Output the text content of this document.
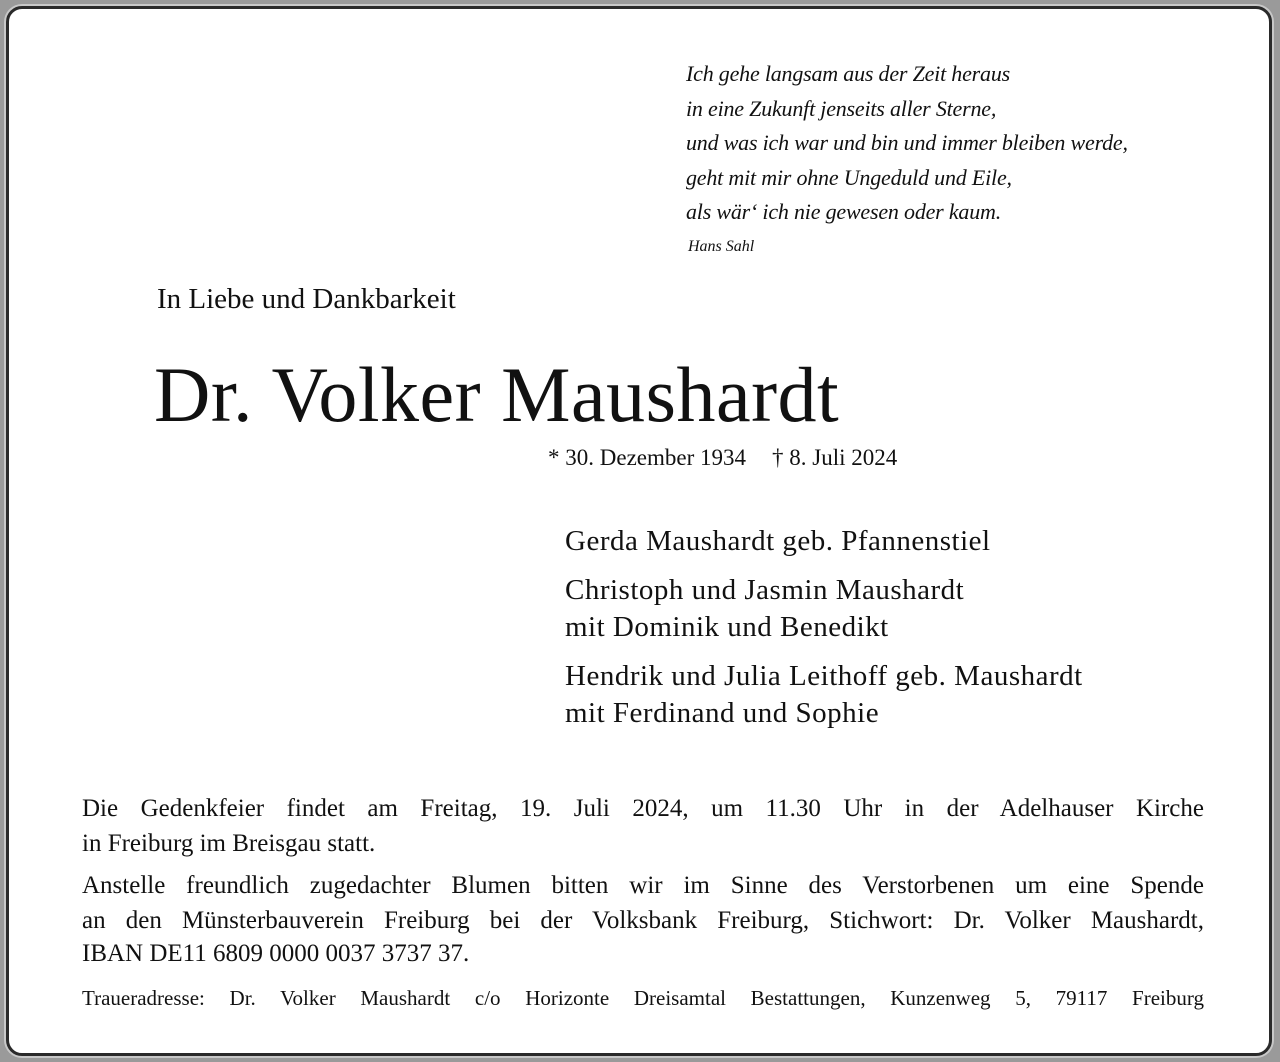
Ich gehe langsam aus der Zeit heraus
in eine Zukunft jenseits aller Sterne,
und was ich war und bin und immer bleiben werde,
geht mit mir ohne Ungeduld und Eile,
als wär‘ ich nie gewesen oder kaum.
Hans Sahl
In Liebe und Dankbarkeit
Dr. Volker Maushardt
* 30. Dezember 1934 † 8. Juli 2024
Gerda Maushardt geb. Pfannenstiel
Christoph und Jasmin Maushardt
mit Dominik und Benedikt
Hendrik und Julia Leithoff geb. Maushardt
mit Ferdinand und Sophie
Die Gedenkfeier findet am Freitag, 19. Juli 2024, um 11.30 Uhr in der Adelhauser Kirche
in Freiburg im Breisgau statt.
Anstelle freundlich zugedachter Blumen bitten wir im Sinne des Verstorbenen um eine Spende
an den Münsterbauverein Freiburg bei der Volksbank Freiburg, Stichwort: Dr. Volker Maushardt,
IBAN DE11 6809 0000 0037 3737 37.
Traueradresse: Dr. Volker Maushardt c/o Horizonte Dreisamtal Bestattungen, Kunzenweg 5, 79117 Freiburg
